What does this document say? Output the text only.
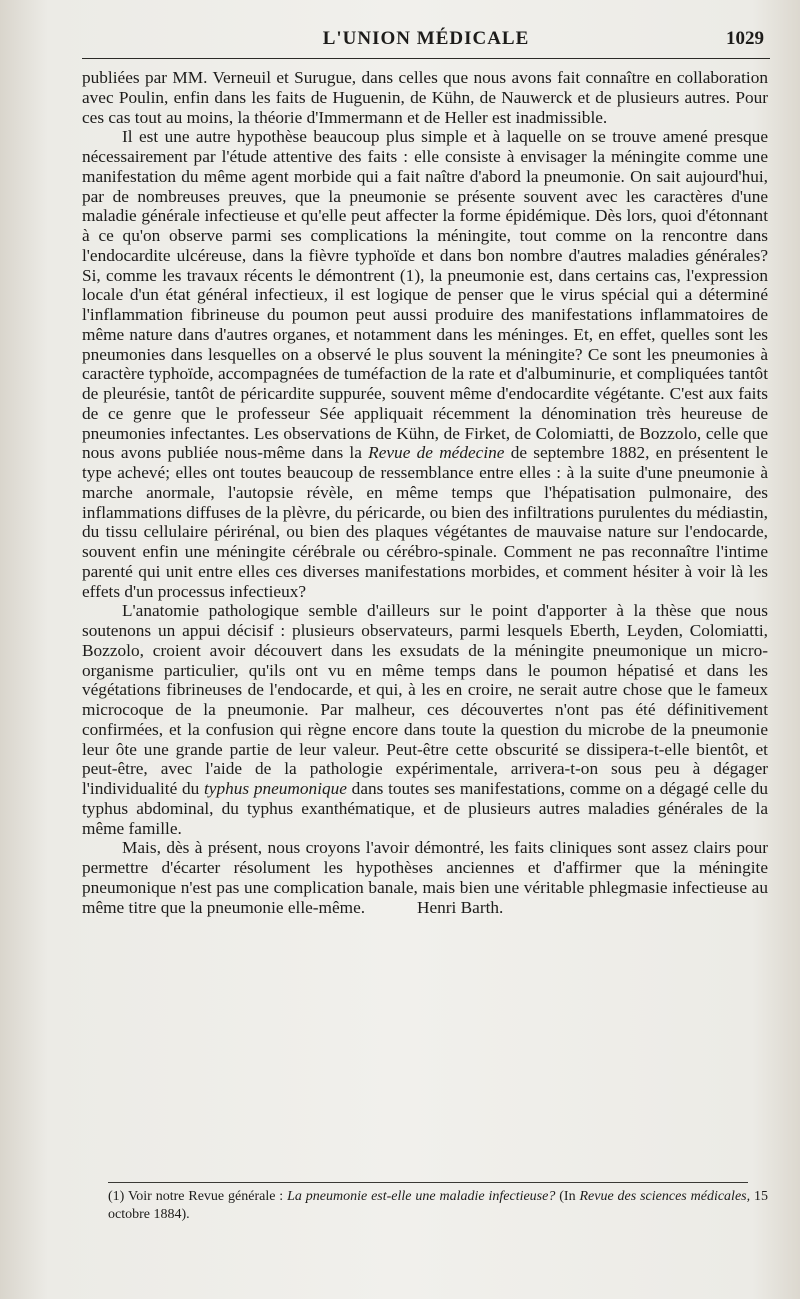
L'UNION MÉDICALE	1029

publiées par MM. Verneuil et Surugue, dans celles que nous avons fait connaître en collaboration avec Poulin, enfin dans les faits de Huguenin, de Kühn, de Nauwerck et de plusieurs autres. Pour ces cas tout au moins, la théorie d'Immermann et de Heller est inadmissible.

Il est une autre hypothèse beaucoup plus simple et à laquelle on se trouve amené presque nécessairement par l'étude attentive des faits : elle consiste à envisager la méningite comme une manifestation du même agent morbide qui a fait naître d'abord la pneumonie. On sait aujourd'hui, par de nombreuses preuves, que la pneumonie se présente souvent avec les caractères d'une maladie générale infectieuse et qu'elle peut affecter la forme épidémique. Dès lors, quoi d'étonnant à ce qu'on observe parmi ses complications la méningite, tout comme on la rencontre dans l'endocardite ulcéreuse, dans la fièvre typhoïde et dans bon nombre d'autres maladies générales? Si, comme les travaux récents le démontrent (1), la pneumonie est, dans certains cas, l'expression locale d'un état général infectieux, il est logique de penser que le virus spécial qui a déterminé l'inflammation fibrineuse du poumon peut aussi produire des manifestations inflammatoires de même nature dans d'autres organes, et notamment dans les méninges. Et, en effet, quelles sont les pneumonies dans lesquelles on a observé le plus souvent la méningite? Ce sont les pneumonies à caractère typhoïde, accompagnées de tuméfaction de la rate et d'albuminurie, et compliquées tantôt de pleurésie, tantôt de péricardite suppurée, souvent même d'endocardite végétante. C'est aux faits de ce genre que le professeur Sée appliquait récemment la dénomination très heureuse de pneumonies infectantes. Les observations de Kühn, de Firket, de Colomiatti, de Bozzolo, celle que nous avons publiée nous-même dans la Revue de médecine de septembre 1882, en présentent le type achevé; elles ont toutes beaucoup de ressemblance entre elles : à la suite d'une pneumonie à marche anormale, l'autopsie révèle, en même temps que l'hépatisation pulmonaire, des inflammations diffuses de la plèvre, du péricarde, ou bien des infiltrations purulentes du médiastin, du tissu cellulaire périrénal, ou bien des plaques végétantes de mauvaise nature sur l'endocarde, souvent enfin une méningite cérébrale ou cérébro-spinale. Comment ne pas reconnaître l'intime parenté qui unit entre elles ces diverses manifestations morbides, et comment hésiter à voir là les effets d'un processus infectieux?

L'anatomie pathologique semble d'ailleurs sur le point d'apporter à la thèse que nous soutenons un appui décisif : plusieurs observateurs, parmi lesquels Eberth, Leyden, Colomiatti, Bozzolo, croient avoir découvert dans les exsudats de la méningite pneumonique un micro-organisme particulier, qu'ils ont vu en même temps dans le poumon hépatisé et dans les végétations fibrineuses de l'endocarde, et qui, à les en croire, ne serait autre chose que le fameux microcoque de la pneumonie. Par malheur, ces découvertes n'ont pas été définitivement confirmées, et la confusion qui règne encore dans toute la question du microbe de la pneumonie leur ôte une grande partie de leur valeur. Peut-être cette obscurité se dissipera-t-elle bientôt, et peut-être, avec l'aide de la pathologie expérimentale, arrivera-t-on sous peu à dégager l'individualité du typhus pneumonique dans toutes ses manifestations, comme on a dégagé celle du typhus abdominal, du typhus exanthématique, et de plusieurs autres maladies générales de la même famille.

Mais, dès à présent, nous croyons l'avoir démontré, les faits cliniques sont assez clairs pour permettre d'écarter résolument les hypothèses anciennes et d'affirmer que la méningite pneumonique n'est pas une complication banale, mais bien une véritable phlegmasie infectieuse au même titre que la pneumonie elle-même.	Henri Barth.

(1) Voir notre Revue générale : La pneumonie est-elle une maladie infectieuse? (In Revue des sciences médicales, 15 octobre 1884).
